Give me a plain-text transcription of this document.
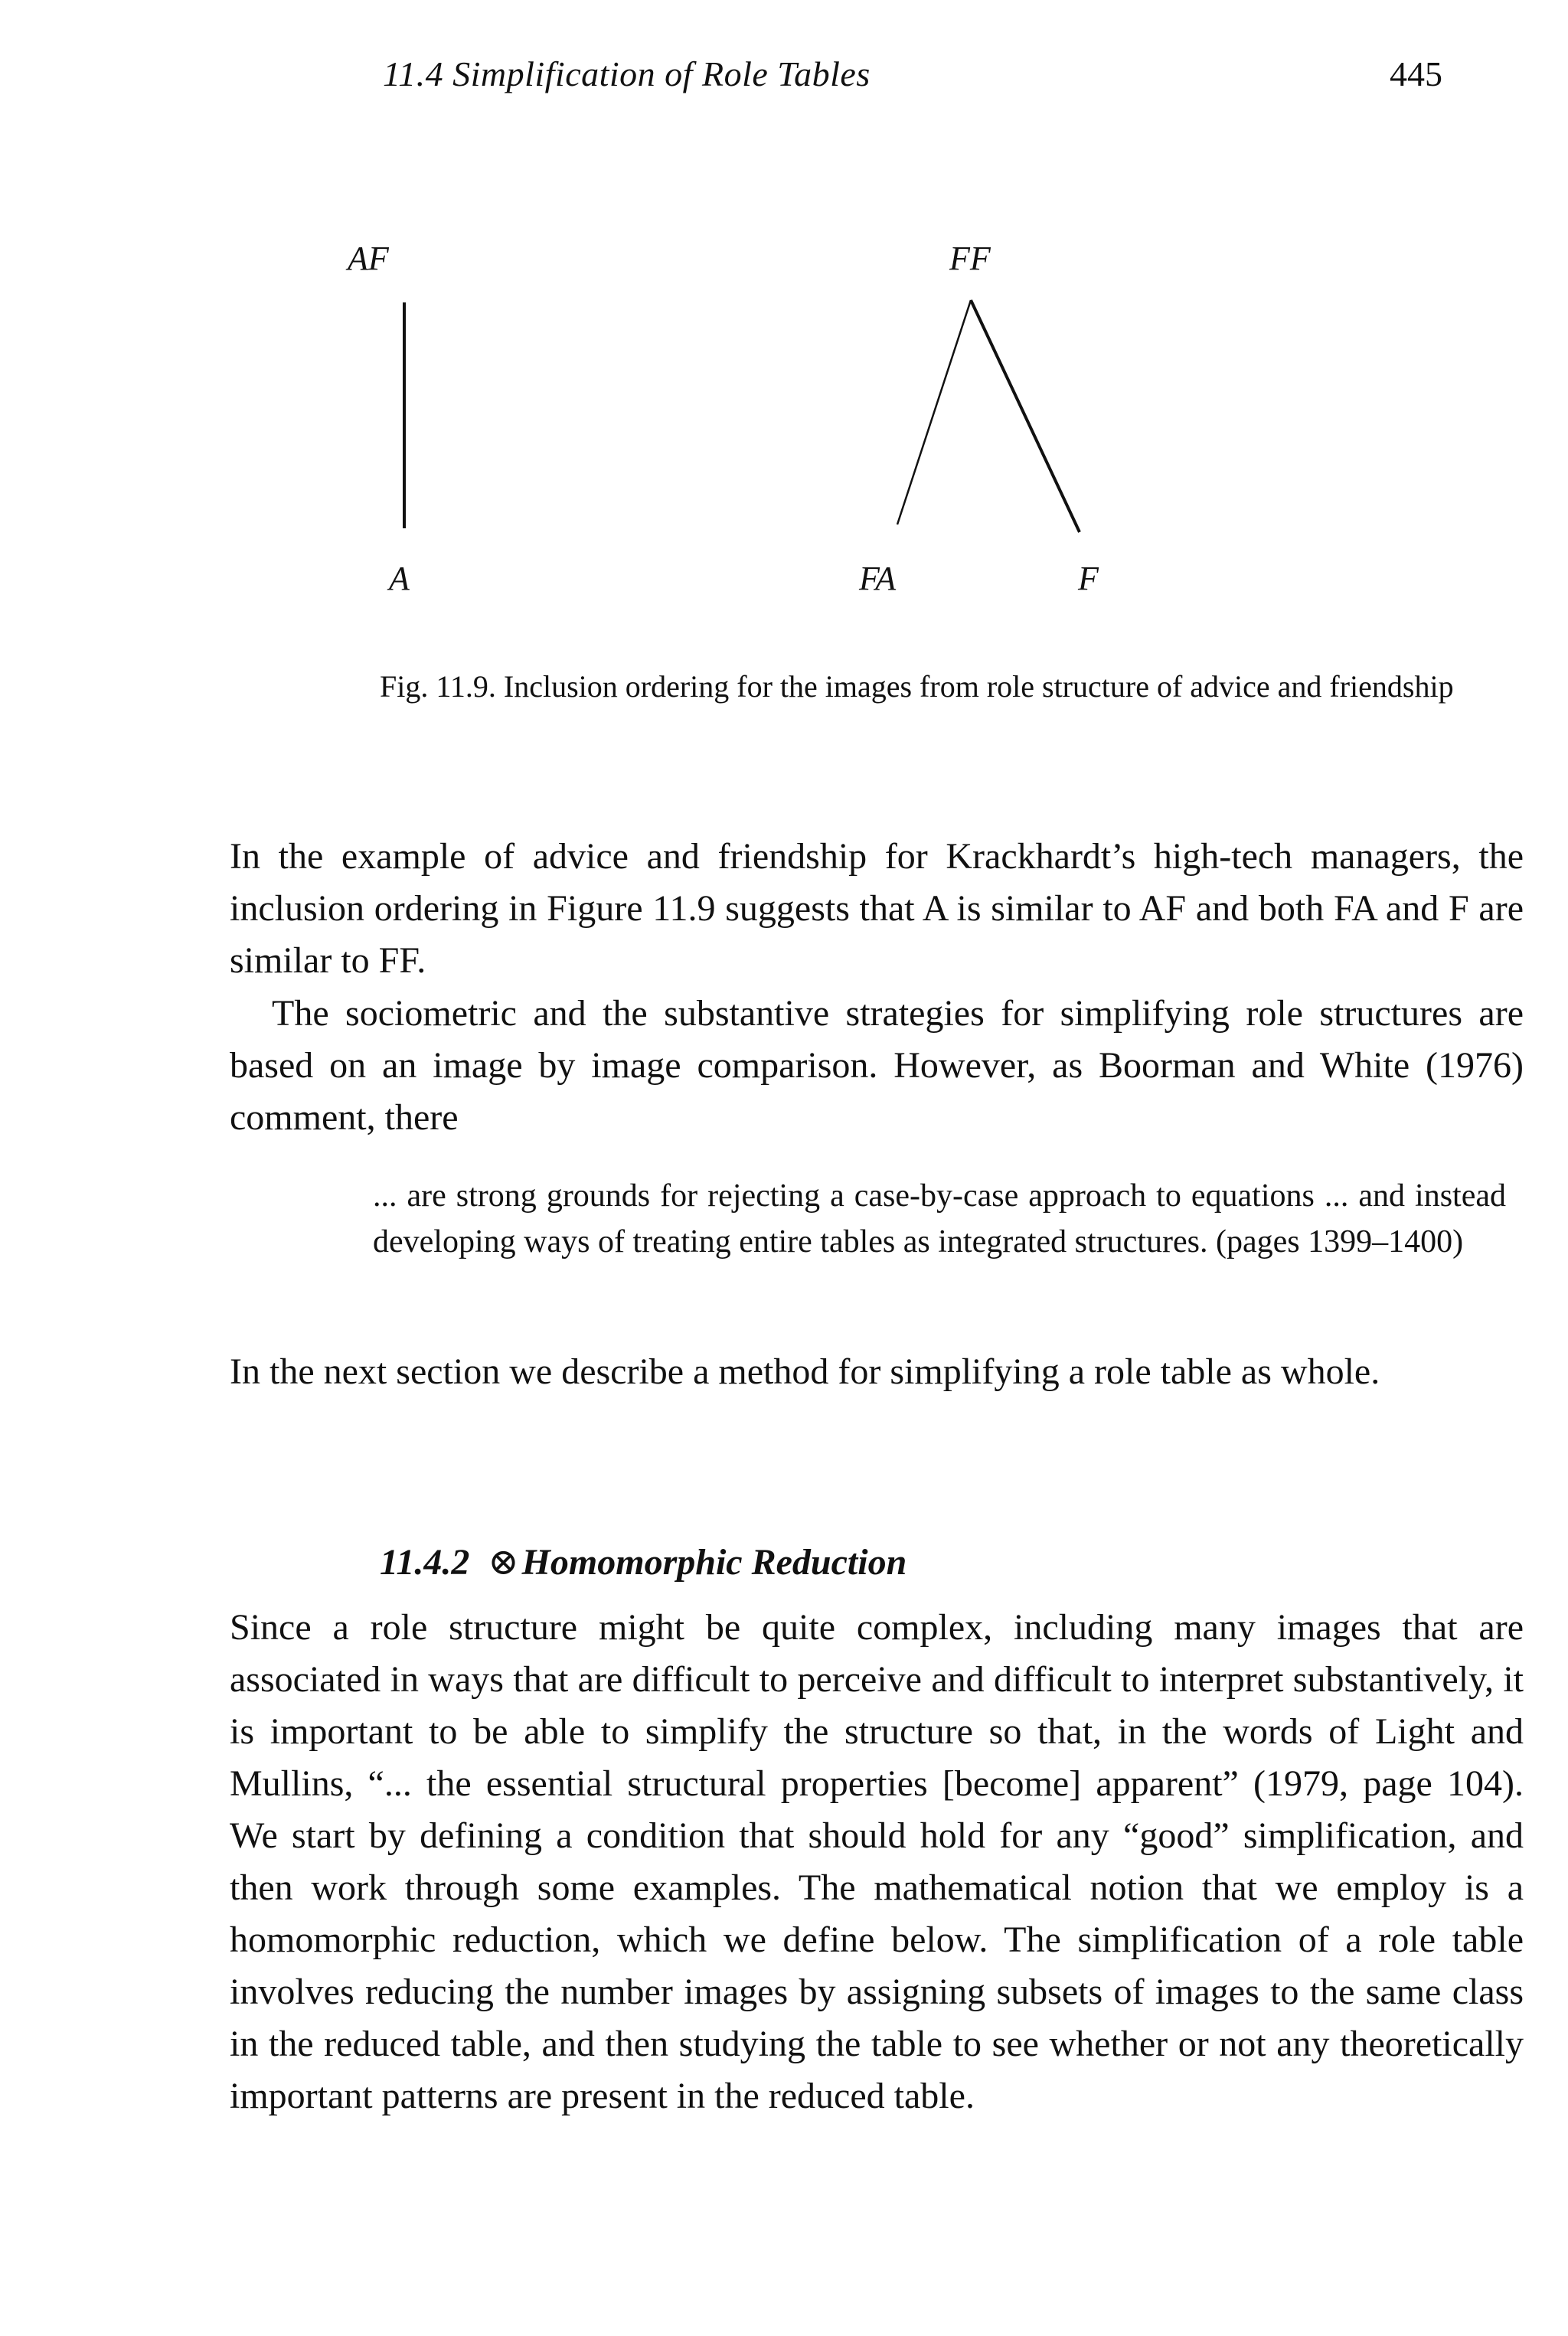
11.4 Simplification of Role Tables	445
AF
A
FF
FA	F

Fig. 11.9. Inclusion ordering for the images from role structure of advice and friendship

In the example of advice and friendship for Krackhardt’s high-tech managers, the inclusion ordering in Figure 11.9 suggests that A is similar to AF and both FA and F are similar to FF.

The sociometric and the substantive strategies for simplifying role structures are based on an image by image comparison. However, as Boorman and White (1976) comment, there

... are strong grounds for rejecting a case-by-case approach to equations ... and instead developing ways of treating entire tables as integrated structures. (pages 1399–1400)

In the next section we describe a method for simplifying a role table as whole.

11.4.2 ⊗Homomorphic Reduction

Since a role structure might be quite complex, including many images that are associated in ways that are difficult to perceive and difficult to interpret substantively, it is important to be able to simplify the structure so that, in the words of Light and Mullins, “... the essential structural properties [become] apparent” (1979, page 104). We start by defining a condition that should hold for any “good” simplification, and then work through some examples. The mathematical notion that we employ is a homomorphic reduction, which we define below. The simplification of a role table involves reducing the number images by assigning subsets of images to the same class in the reduced table, and then studying the table to see whether or not any theoretically important patterns are present in the reduced table.
